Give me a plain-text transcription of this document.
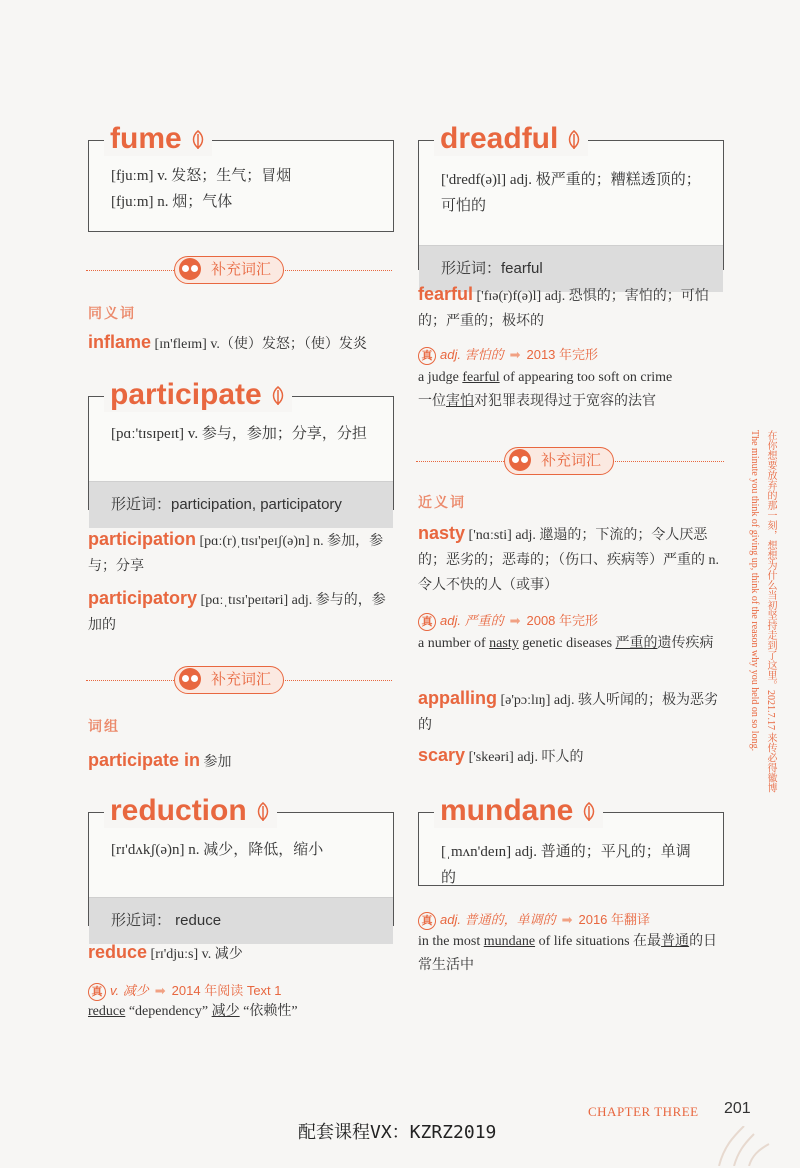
[fjuːm] v. 发怒；生气；冒烟
[fjuːm] n. 烟；气体
fume
补充词汇
同义词
inflame [ɪn'fleɪm] v.（使）发怒；（使）发炎
[pɑː'tɪsɪpeɪt] v. 参与，参加；分享，分担
形近词：participation, participatory
participate
participation [pɑː(r)ˌtɪsɪ'peɪʃ(ə)n] n. 参加，参与；分享
participatory [pɑːˌtɪsɪ'peɪtəri] adj. 参与的，参加的
补充词汇
词组
participate in 参加
[rɪ'dʌkʃ(ə)n] n. 减少，降低，缩小
形近词： reduce
reduction
reduce [rɪ'djuːs] v. 减少
真 v. 减少 ➡ 2014 年阅读 Text 1
reduce “dependency” 减少 “依赖性”
['dredf(ə)l] adj. 极严重的；糟糕透顶的；可怕的
形近词：fearful
dreadful
fearful ['fɪə(r)f(ə)l] adj. 恐惧的；害怕的；可怕的；严重的；极坏的
真 adj. 害怕的 ➡ 2013 年完形
a judge fearful of appearing too soft on crime
一位害怕对犯罪表现得过于宽容的法官
补充词汇
近义词
nasty ['nɑːsti] adj. 邋遢的；下流的；令人厌恶的；恶劣的；恶毒的；（伤口、疾病等）严重的 n. 令人不快的人（或事）
真 adj. 严重的 ➡ 2008 年完形
a number of nasty genetic diseases 严重的遗传疾病
appalling [ə'pɔːlɪŋ] adj. 骇人听闻的；极为恶劣的
scary ['skeəri] adj. 吓人的
[ˌmʌn'deɪn] adj. 普通的；平凡的；单调的
mundane
真 adj. 普通的，单调的 ➡ 2016 年翻译
in the most mundane of life situations 在最普通的日常生活中
在你想要放弃的那一刻，想想为什么当初坚持走到了这里。2021.7.17 来传必得徽博
The minute you think of giving up, think of the reason why you held on so long.
CHAPTER THREE 201
配套课程VX：KZRZ2019
